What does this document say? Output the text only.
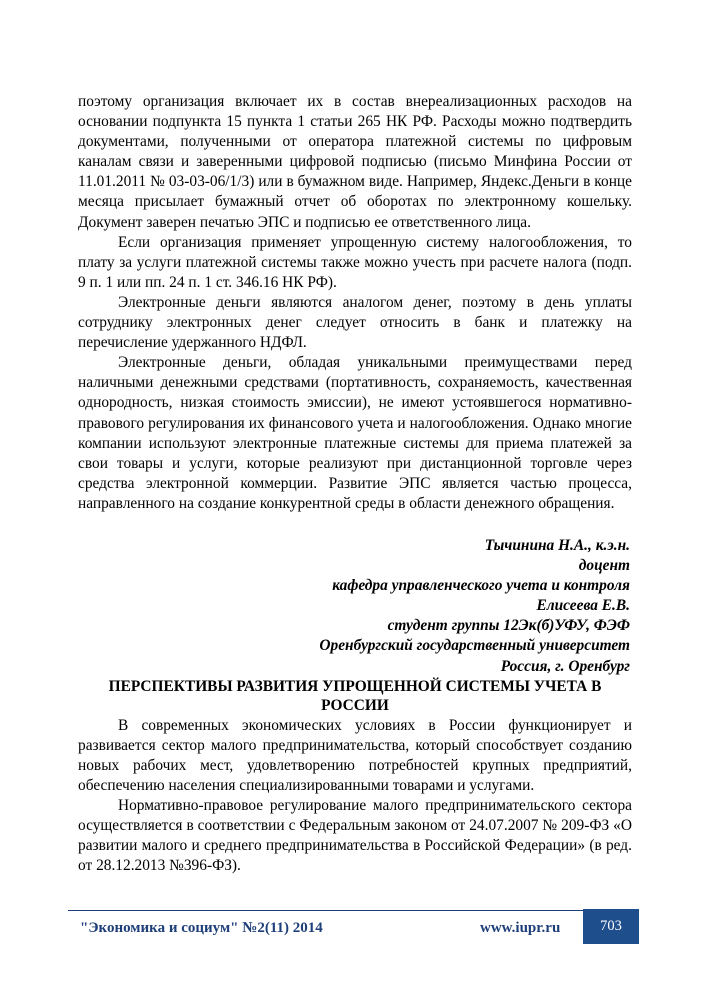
поэтому организация включает их в состав внереализационных расходов на основании подпункта 15 пункта 1 статьи 265 НК РФ. Расходы можно подтвердить документами, полученными от оператора платежной системы по цифровым каналам связи и заверенными цифровой подписью (письмо Минфина России от 11.01.2011 № 03-03-06/1/3) или в бумажном виде. Например, Яндекс.Деньги в конце месяца присылает бумажный отчет об оборотах по электронному кошельку. Документ заверен печатью ЭПС и подписью ее ответственного лица.

Если организация применяет упрощенную систему налогообложения, то плату за услуги платежной системы также можно учесть при расчете налога (подп. 9 п. 1 или пп. 24 п. 1 ст. 346.16 НК РФ).

Электронные деньги являются аналогом денег, поэтому в день уплаты сотруднику электронных денег следует относить в банк и платежку на перечисление удержанного НДФЛ.

Электронные деньги, обладая уникальными преимуществами перед наличными денежными средствами (портативность, сохраняемость, качественная однородность, низкая стоимость эмиссии), не имеют устоявшегося нормативно-правового регулирования их финансового учета и налогообложения. Однако многие компании используют электронные платежные системы для приема платежей за свои товары и услуги, которые реализуют при дистанционной торговле через средства электронной коммерции. Развитие ЭПС является частью процесса, направленного на создание конкурентной среды в области денежного обращения.

Тычинина Н.А., к.э.н.
доцент
кафедра управленческого учета и контроля
Елисеева Е.В.
студент группы 12Эк(б)УФУ, ФЭФ
Оренбургский государственный университет
Россия, г. Оренбург
ПЕРСПЕКТИВЫ РАЗВИТИЯ УПРОЩЕННОЙ СИСТЕМЫ УЧЕТА В РОССИИ

В современных экономических условиях в России функционирует и развивается сектор малого предпринимательства, который способствует созданию новых рабочих мест, удовлетворению потребностей крупных предприятий, обеспечению населения специализированными товарами и услугами.

Нормативно-правовое регулирование малого предпринимательского сектора осуществляется в соответствии с Федеральным законом от 24.07.2007 № 209-ФЗ «О развитии малого и среднего предпринимательства в Российской Федерации» (в ред. от 28.12.2013 №396-ФЗ).

"Экономика и социум" №2(11) 2014	www.iupr.ru	703
